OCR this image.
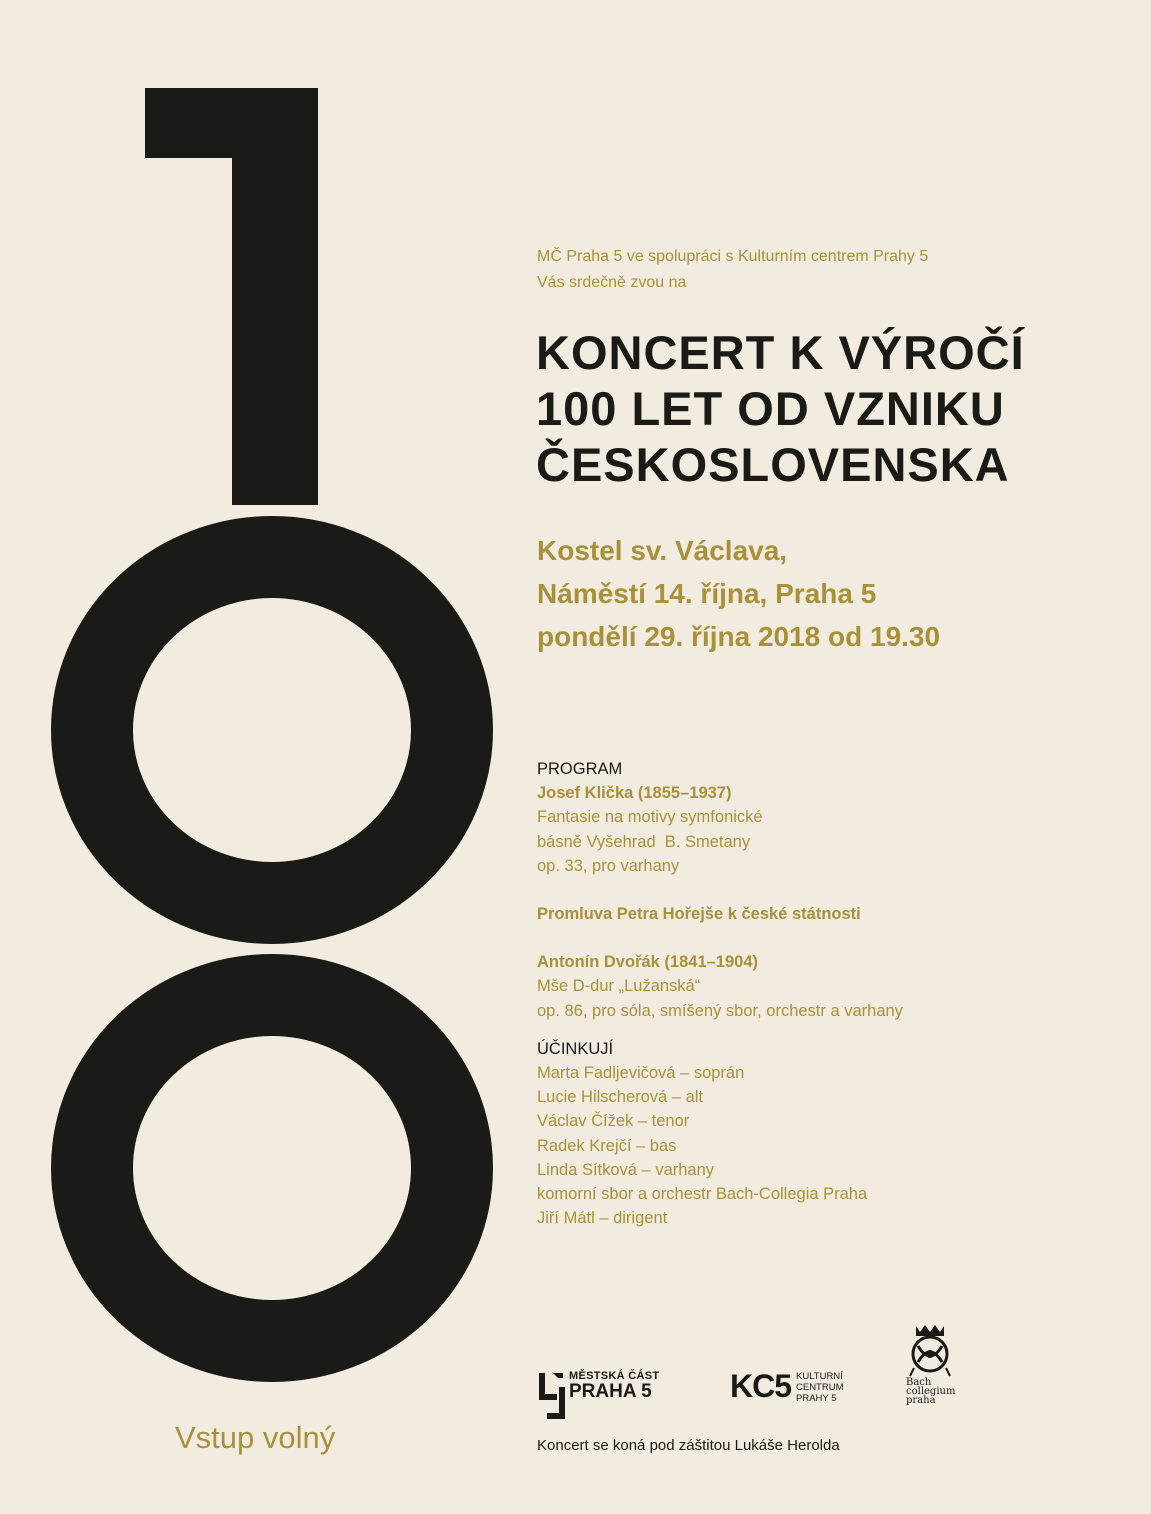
MČ Praha 5 ve spolupráci s Kulturním centrem Prahy 5
Vás srdečně zvou na
KONCERT K VÝROČÍ
100 LET OD VZNIKU
ČESKOSLOVENSKA
Kostel sv. Václava,
Náměstí 14. října, Praha 5
pondělí 29. října 2018 od 19.30
PROGRAM
Josef Klička (1855–1937)
Fantasie na motivy symfonické
básně Vyšehrad  B. Smetany
op. 33, pro varhany
Promluva Petra Hořejše k české státnosti
Antonín Dvořák (1841–1904)
Mše D-dur „Lužanská“
op. 86, pro sóla, smíšený sbor, orchestr a varhany
ÚČINKUJÍ
Marta Fadljevičová – soprán
Lucie Hilscherová – alt
Václav Čížek – tenor
Radek Krejčí – bas
Linda Sítková – varhany
komorní sbor a orchestr Bach-Collegia Praha
Jiří Mátl – dirigent
MĚSTSKÁ ČÁST
PRAHA 5 KC5 KULTURNÍ
CENTRUM
PRAHY 5
Bach
collegium
praha
Vstup volný	Koncert se koná pod záštitou Lukáše Herolda
